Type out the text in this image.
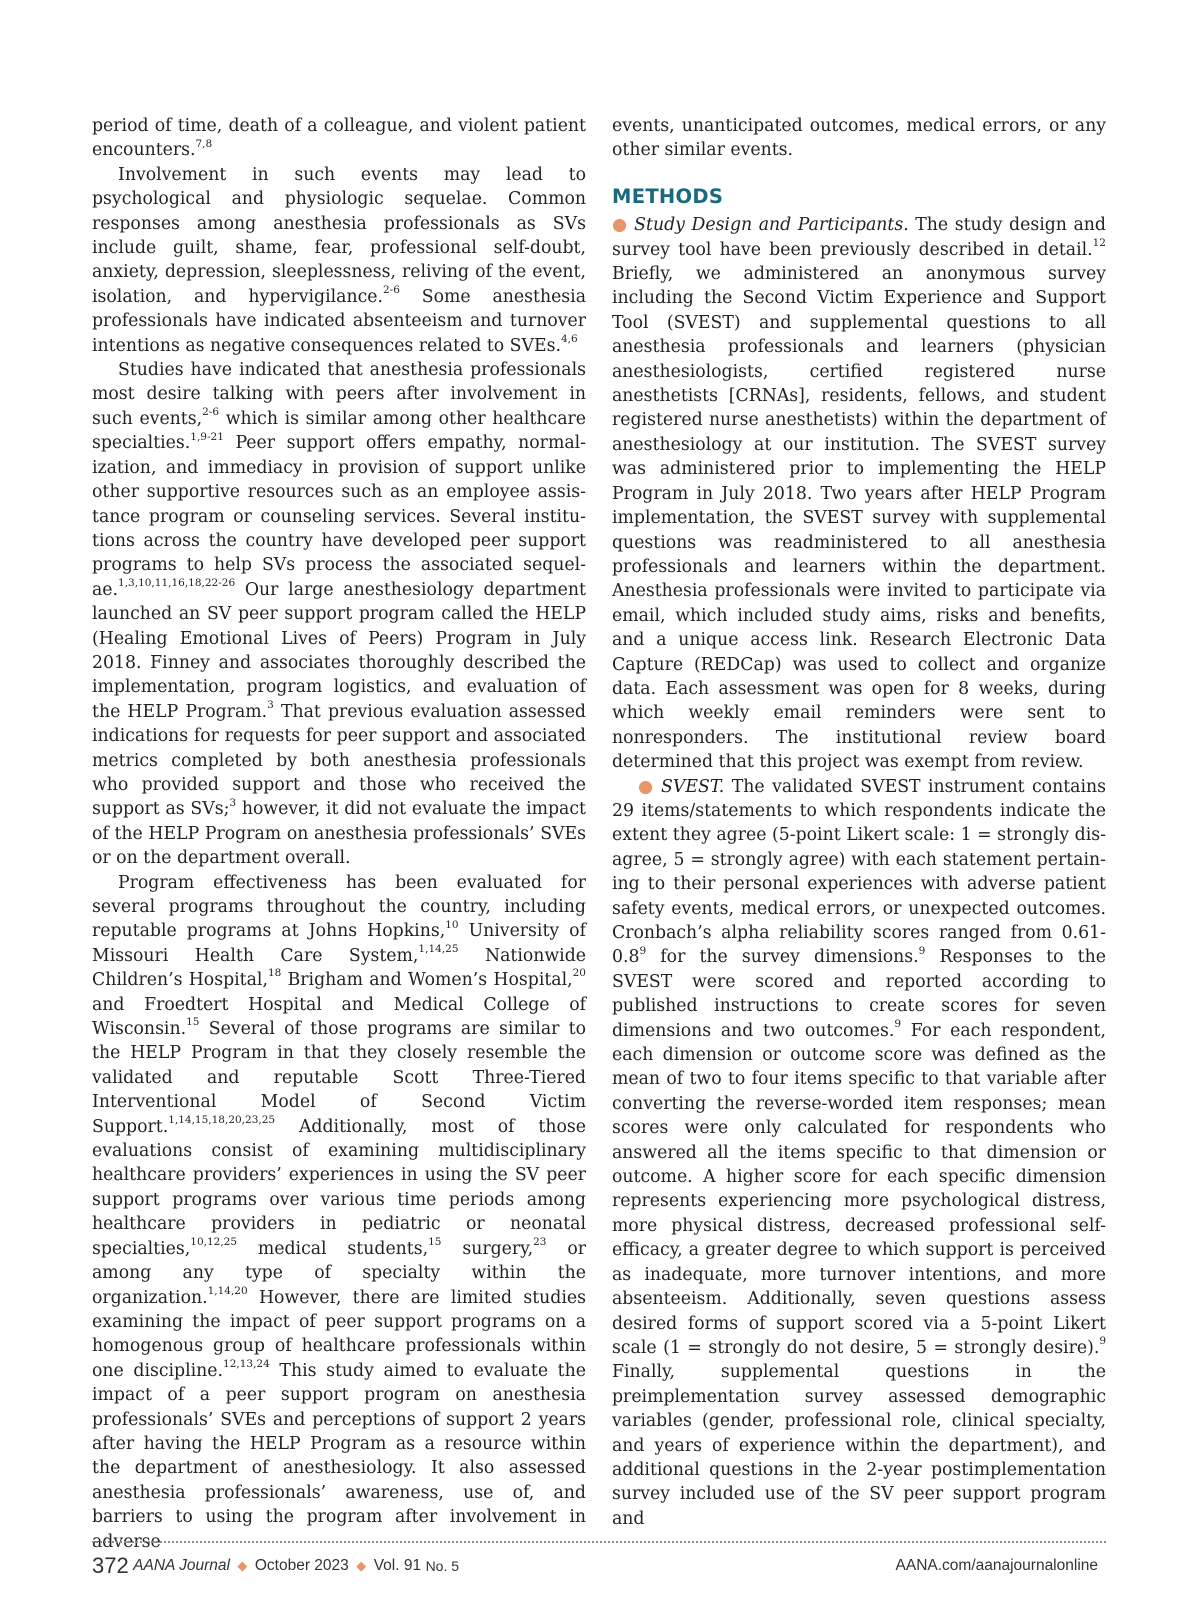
period of time, death of a colleague, and violent patient encounters.$^{7,8}$

Involvement in such events may lead to psychological and physiologic sequelae. Common responses among anesthesia professionals as SVs include guilt, shame, fear, professional self-doubt, anxiety, depression, sleeplessness, reliving of the event, isolation, and hypervigilance.$^{2-6}$ Some anesthesia professionals have indicated absenteeism and turnover intentions as negative consequences related to SVEs.$^{4,6}$

Studies have indicated that anesthesia professionals most desire talking with peers after involvement in such events,$^{2-6}$ which is similar among other healthcare specialties.$^{1,9-21}$ Peer support offers empathy, normalization, and immediacy in provision of support unlike other supportive resources such as an employee assistance program or counseling services. Several institutions across the country have developed peer support programs to help SVs process the associated sequelae.$^{1,3,10,11,16,18,22-26}$ Our large anesthesiology department launched an SV peer support program called the HELP (Healing Emotional Lives of Peers) Program in July 2018. Finney and associates thoroughly described the implementation, program logistics, and evaluation of the HELP Program.$^3$ That previous evaluation assessed indications for requests for peer support and associated metrics completed by both anesthesia professionals who provided support and those who received the support as SVs;$^3$ however, it did not evaluate the impact of the HELP Program on anesthesia professionals’ SVEs or on the department overall.

Program effectiveness has been evaluated for several programs throughout the country, including reputable programs at Johns Hopkins,$^{10}$ University of Missouri Health Care System,$^{1,14,25}$ Nationwide Children’s Hospital,$^{18}$ Brigham and Women’s Hospital,$^{20}$ and Froedtert Hospital and Medical College of Wisconsin.$^{15}$ Several of those programs are similar to the HELP Program in that they closely resemble the validated and reputable Scott Three-Tiered Interventional Model of Second Victim Support.$^{1,14,15,18,20,23,25}$ Additionally, most of those evaluations consist of examining multidisciplinary healthcare providers’ experiences in using the SV peer support programs over various time periods among healthcare providers in pediatric or neonatal specialties,$^{10,12,25}$ medical students,$^{15}$ surgery,$^{23}$ or among any type of specialty within the organization.$^{1,14,20}$ However, there are limited studies examining the impact of peer support programs on a homogenous group of healthcare professionals within one discipline.$^{12,13,24}$ This study aimed to evaluate the impact of a peer support program on anesthesia professionals’ SVEs and perceptions of support 2 years after having the HELP Program as a resource within the department of anesthesiology. It also assessed anesthesia professionals’ awareness, use of, and barriers to using the program after involvement in adverse

events, unanticipated outcomes, medical errors, or any other similar events.

METHODS

● Study Design and Participants. The study design and survey tool have been previously described in detail.$^{12}$ Briefly, we administered an anonymous survey including the Second Victim Experience and Support Tool (SVEST) and supplemental questions to all anesthesia professionals and learners (physician anesthesiologists, certified registered nurse anesthetists [CRNAs], residents, fellows, and student registered nurse anesthetists) within the department of anesthesiology at our institution. The SVEST survey was administered prior to implementing the HELP Program in July 2018. Two years after HELP Program implementation, the SVEST survey with supplemental questions was readministered to all anesthesia professionals and learners within the department. Anesthesia professionals were invited to participate via email, which included study aims, risks and benefits, and a unique access link. Research Electronic Data Capture (REDCap) was used to collect and organize data. Each assessment was open for 8 weeks, during which weekly email reminders were sent to nonresponders. The institutional review board determined that this project was exempt from review.

● SVEST. The validated SVEST instrument contains 29 items/statements to which respondents indicate the extent they agree (5-point Likert scale: 1 = strongly disagree, 5 = strongly agree) with each statement pertaining to their personal experiences with adverse patient safety events, medical errors, or unexpected outcomes. Cronbach’s alpha reliability scores ranged from 0.61-0.8$^9$ for the survey dimensions.$^9$ Responses to the SVEST were scored and reported according to published instructions to create scores for seven dimensions and two outcomes.$^9$ For each respondent, each dimension or outcome score was defined as the mean of two to four items specific to that variable after converting the reverse-worded item responses; mean scores were only calculated for respondents who answered all the items specific to that dimension or outcome. A higher score for each specific dimension represents experiencing more psychological distress, more physical distress, decreased professional self-efficacy, a greater degree to which support is perceived as inadequate, more turnover intentions, and more absenteeism. Additionally, seven questions assess desired forms of support scored via a 5-point Likert scale (1 = strongly do not desire, 5 = strongly desire).$^9$ Finally, supplemental questions in the preimplementation survey assessed demographic variables (gender, professional role, clinical specialty, and years of experience within the department), and additional questions in the 2-year postimplementation survey included use of the SV peer support program and

372 AANA Journal ◆ October 2023 ◆ Vol. 91 No. 5	AANA.com/aanajournalonline
